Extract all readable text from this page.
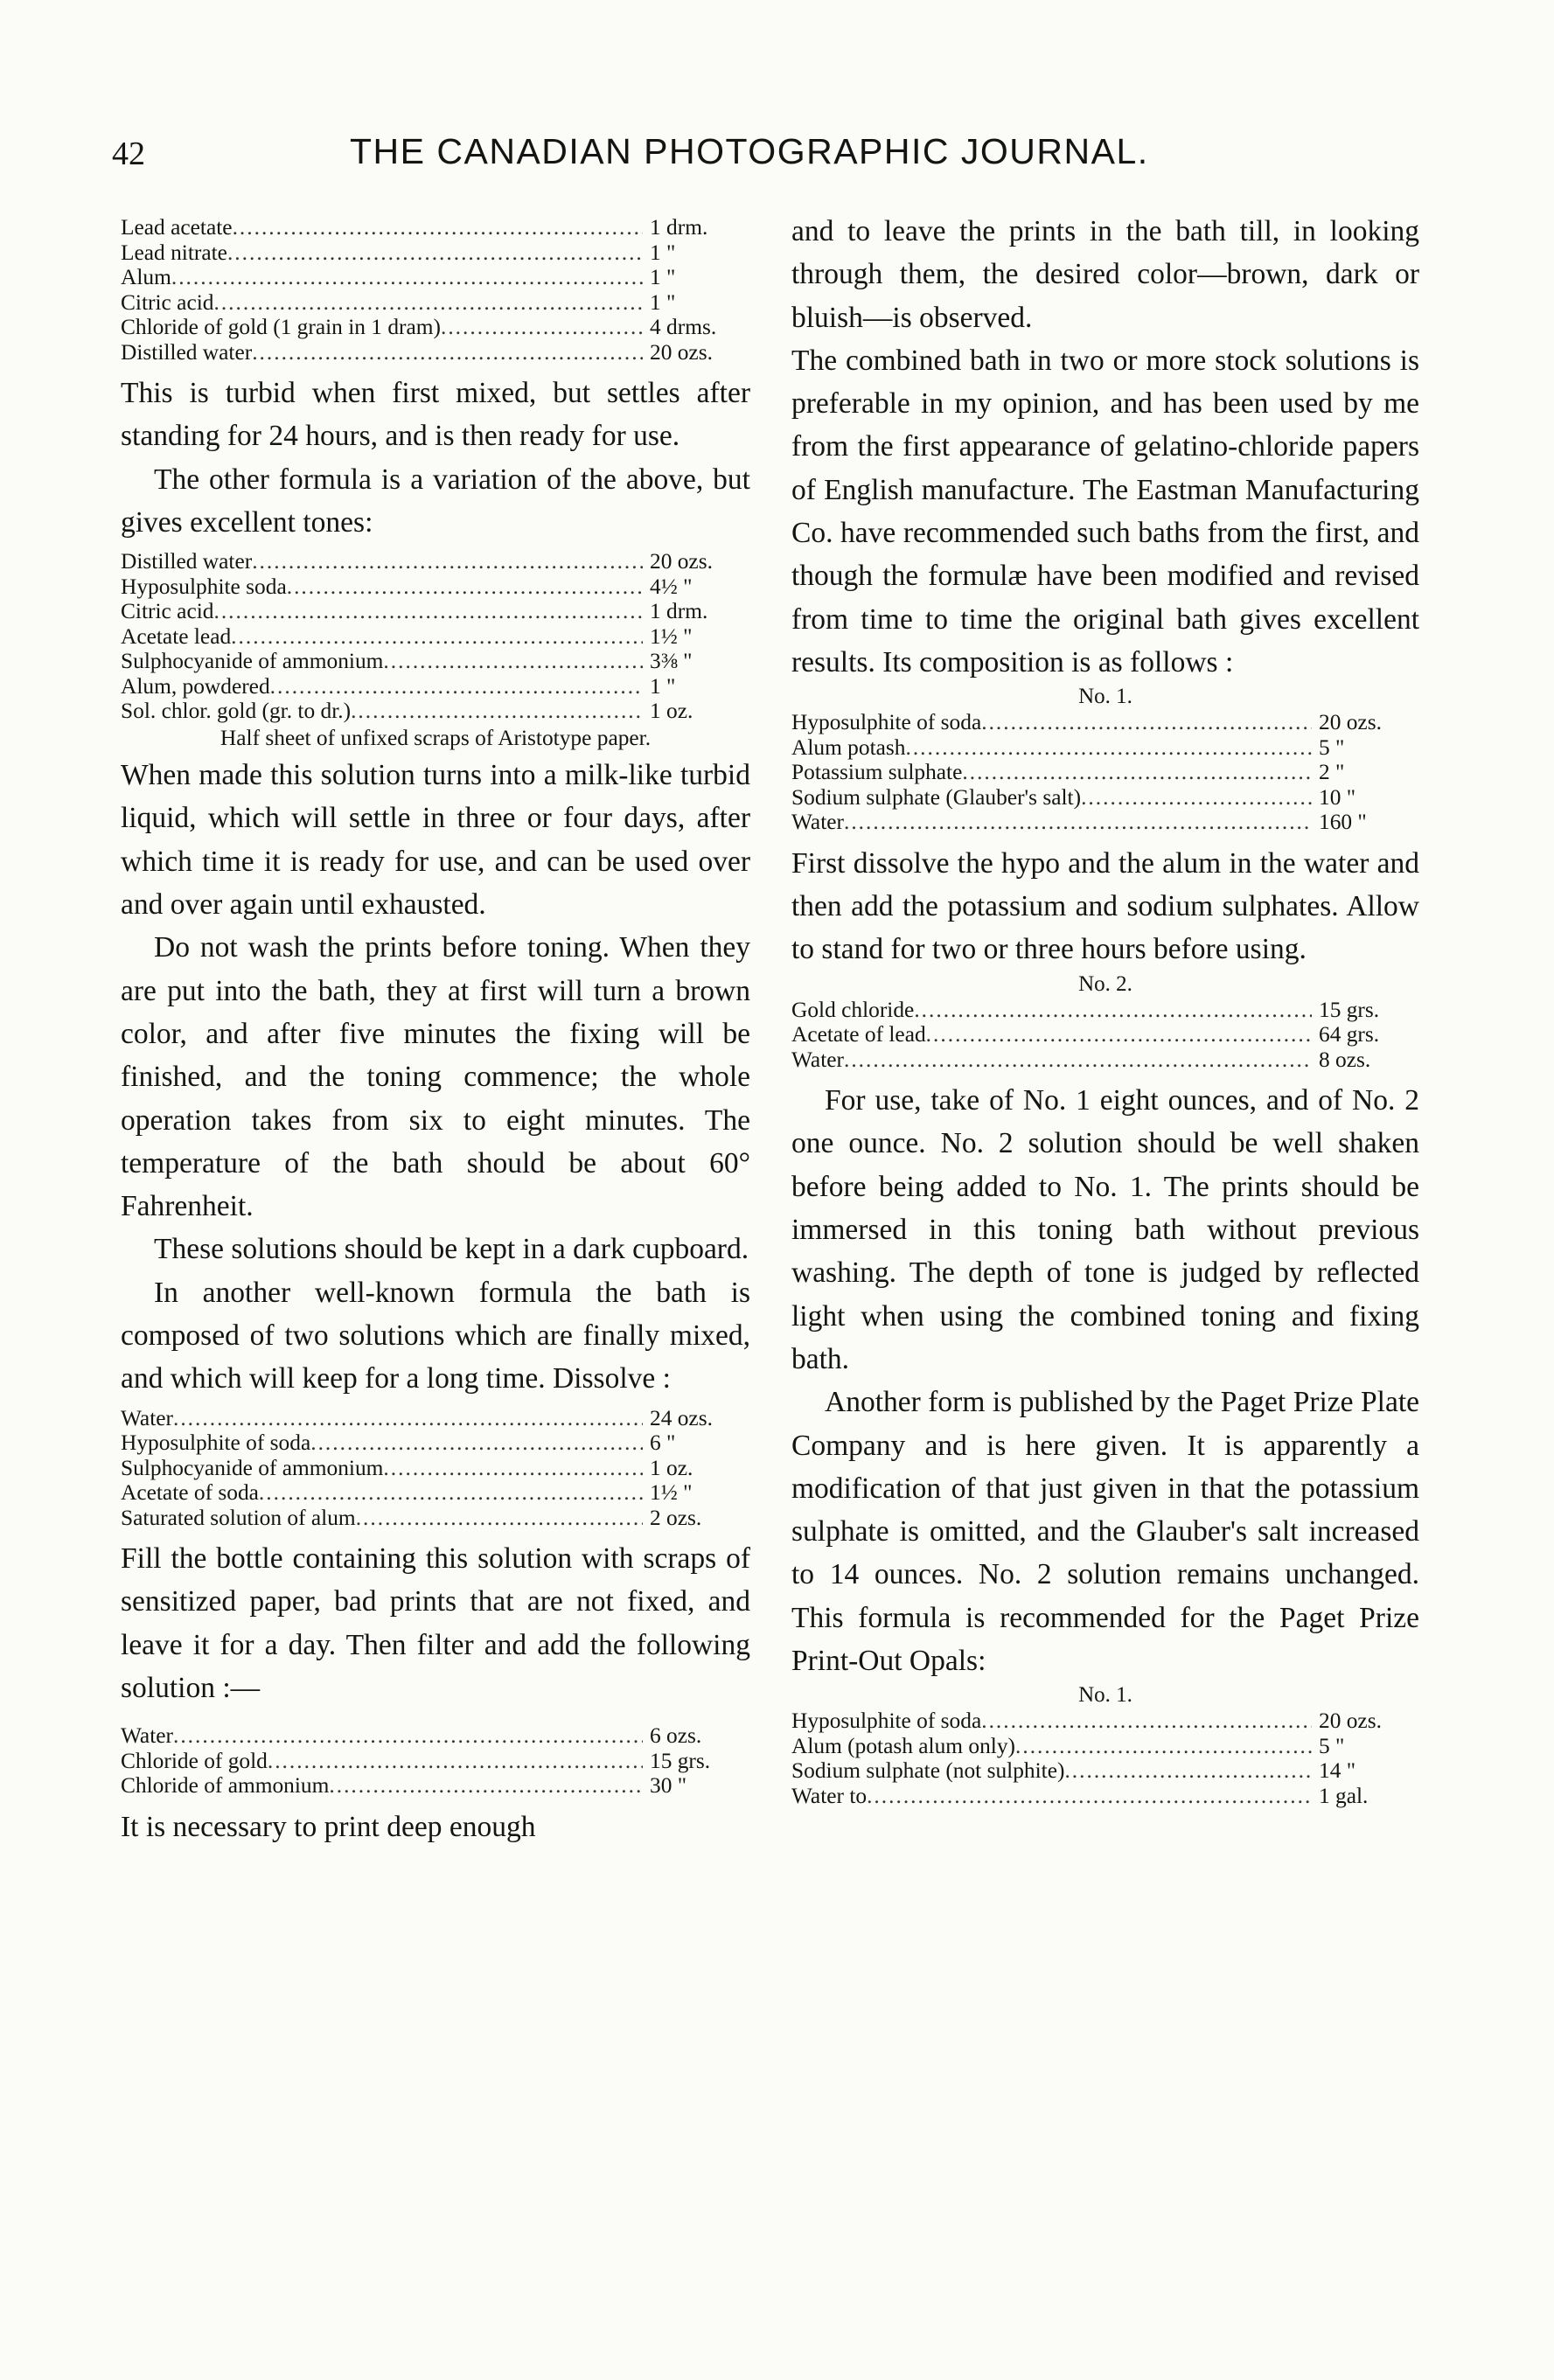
42	THE CANADIAN PHOTOGRAPHIC JOURNAL.
Lead acetate .....	1 drm.
Lead nitrate .....	1 "
Alum .....	1 "
Citric acid .....	1 "
Chloride of gold (1 grain in 1 dram) .....	4 drms.
Distilled water .....	20 ozs.

This is turbid when first mixed, but settles after standing for 24 hours, and is then ready for use.

The other formula is a variation of the above, but gives excellent tones:

Distilled water .....	20 ozs.
Hyposulphite soda .....	4½ "
Citric acid .....	1 drm.
Acetate lead .....	1½ "
Sulphocyanide of ammonium .....	3⅜ "
Alum, powdered .....	1 "
Sol. chlor. gold (gr. to dr.) .....	1 oz.
Half sheet of unfixed scraps of Aristotype paper.

When made this solution turns into a milk-like turbid liquid, which will settle in three or four days, after which time it is ready for use, and can be used over and over again until exhausted.

Do not wash the prints before toning. When they are put into the bath, they at first will turn a brown color, and after five minutes the fixing will be finished, and the toning commence; the whole operation takes from six to eight minutes. The temperature of the bath should be about 60° Fahrenheit.

These solutions should be kept in a dark cupboard.

In another well-known formula the bath is composed of two solutions which are finally mixed, and which will keep for a long time. Dissolve :

Water .....	24 ozs.
Hyposulphite of soda .....	6 "
Sulphocyanide of ammonium .....	1 oz.
Acetate of soda .....	1½ "
Saturated solution of alum .....	2 ozs.

Fill the bottle containing this solution with scraps of sensitized paper, bad prints that are not fixed, and leave it for a day. Then filter and add the following solution :—

Water .....	6 ozs.
Chloride of gold .....	15 grs.
Chloride of ammonium .....	30 "

It is necessary to print deep enough

and to leave the prints in the bath till, in looking through them, the desired color—brown, dark or bluish—is observed.

The combined bath in two or more stock solutions is preferable in my opinion, and has been used by me from the first appearance of gelatino-chloride papers of English manufacture. The Eastman Manufacturing Co. have recommended such baths from the first, and though the formulæ have been modified and revised from time to time the original bath gives excellent results. Its composition is as follows :

No. 1.
Hyposulphite of soda .....	20 ozs.
Alum potash .....	5 "
Potassium sulphate .....	2 "
Sodium sulphate (Glauber's salt) .....	10 "
Water .....	160 "

First dissolve the hypo and the alum in the water and then add the potassium and sodium sulphates. Allow to stand for two or three hours before using.

No. 2.
Gold chloride .....	15 grs.
Acetate of lead .....	64 grs.
Water .....	8 ozs.

For use, take of No. 1 eight ounces, and of No. 2 one ounce. No. 2 solution should be well shaken before being added to No. 1. The prints should be immersed in this toning bath without previous washing. The depth of tone is judged by reflected light when using the combined toning and fixing bath.

Another form is published by the Paget Prize Plate Company and is here given. It is apparently a modification of that just given in that the potassium sulphate is omitted, and the Glauber's salt increased to 14 ounces. No. 2 solution remains unchanged. This formula is recommended for the Paget Prize Print-Out Opals:

No. 1.
Hyposulphite of soda .....	20 ozs.
Alum (potash alum only) .....	5 "
Sodium sulphate (not sulphite) .....	14 "
Water to .....	1 gal.
